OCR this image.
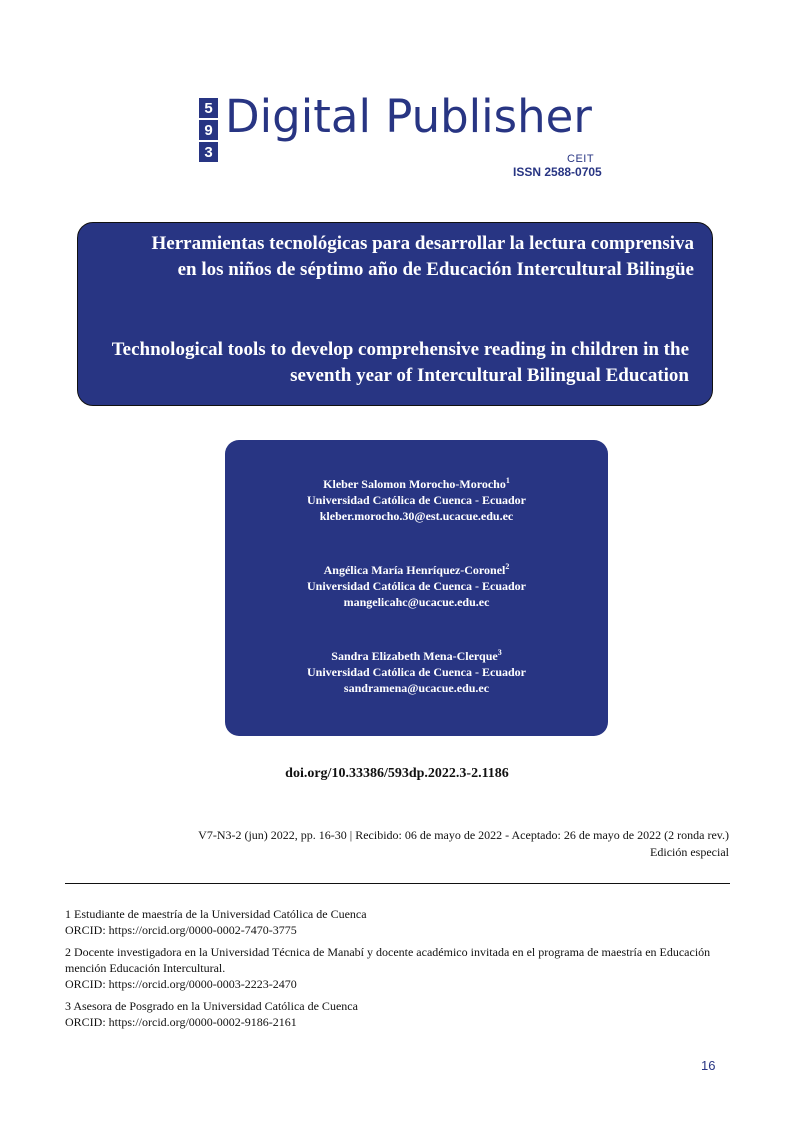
5
9
3
Digital Publisher
CEIT
ISSN 2588-0705
Herramientas tecnológicas para desarrollar la lectura comprensiva en los niños de séptimo año de Educación Intercultural Bilingüe
Technological tools to develop comprehensive reading in children in the seventh year of Intercultural Bilingual Education
Kleber Salomon Morocho-Morocho$^1$
Universidad Católica de Cuenca - Ecuador
kleber.morocho.30@est.ucacue.edu.ec
Angélica María Henríquez-Coronel$^2$
Universidad Católica de Cuenca - Ecuador
mangelicahc@ucacue.edu.ec
Sandra Elizabeth Mena-Clerque$^3$
Universidad Católica de Cuenca - Ecuador
sandramena@ucacue.edu.ec
doi.org/10.33386/593dp.2022.3-2.1186
V7-N3-2 (jun) 2022, pp. 16-30 | Recibido: 06 de mayo de 2022 - Aceptado: 26 de mayo de 2022 (2 ronda rev.)
Edición especial
1 Estudiante de maestría de la Universidad Católica de Cuenca
ORCID: https://orcid.org/0000-0002-7470-3775
2 Docente investigadora en la Universidad Técnica de Manabí y docente académico invitada en el programa de maestría en Educación mención Educación Intercultural.
ORCID: https://orcid.org/0000-0003-2223-2470
3 Asesora de Posgrado en la Universidad Católica de Cuenca
ORCID: https://orcid.org/0000-0002-9186-2161
16
